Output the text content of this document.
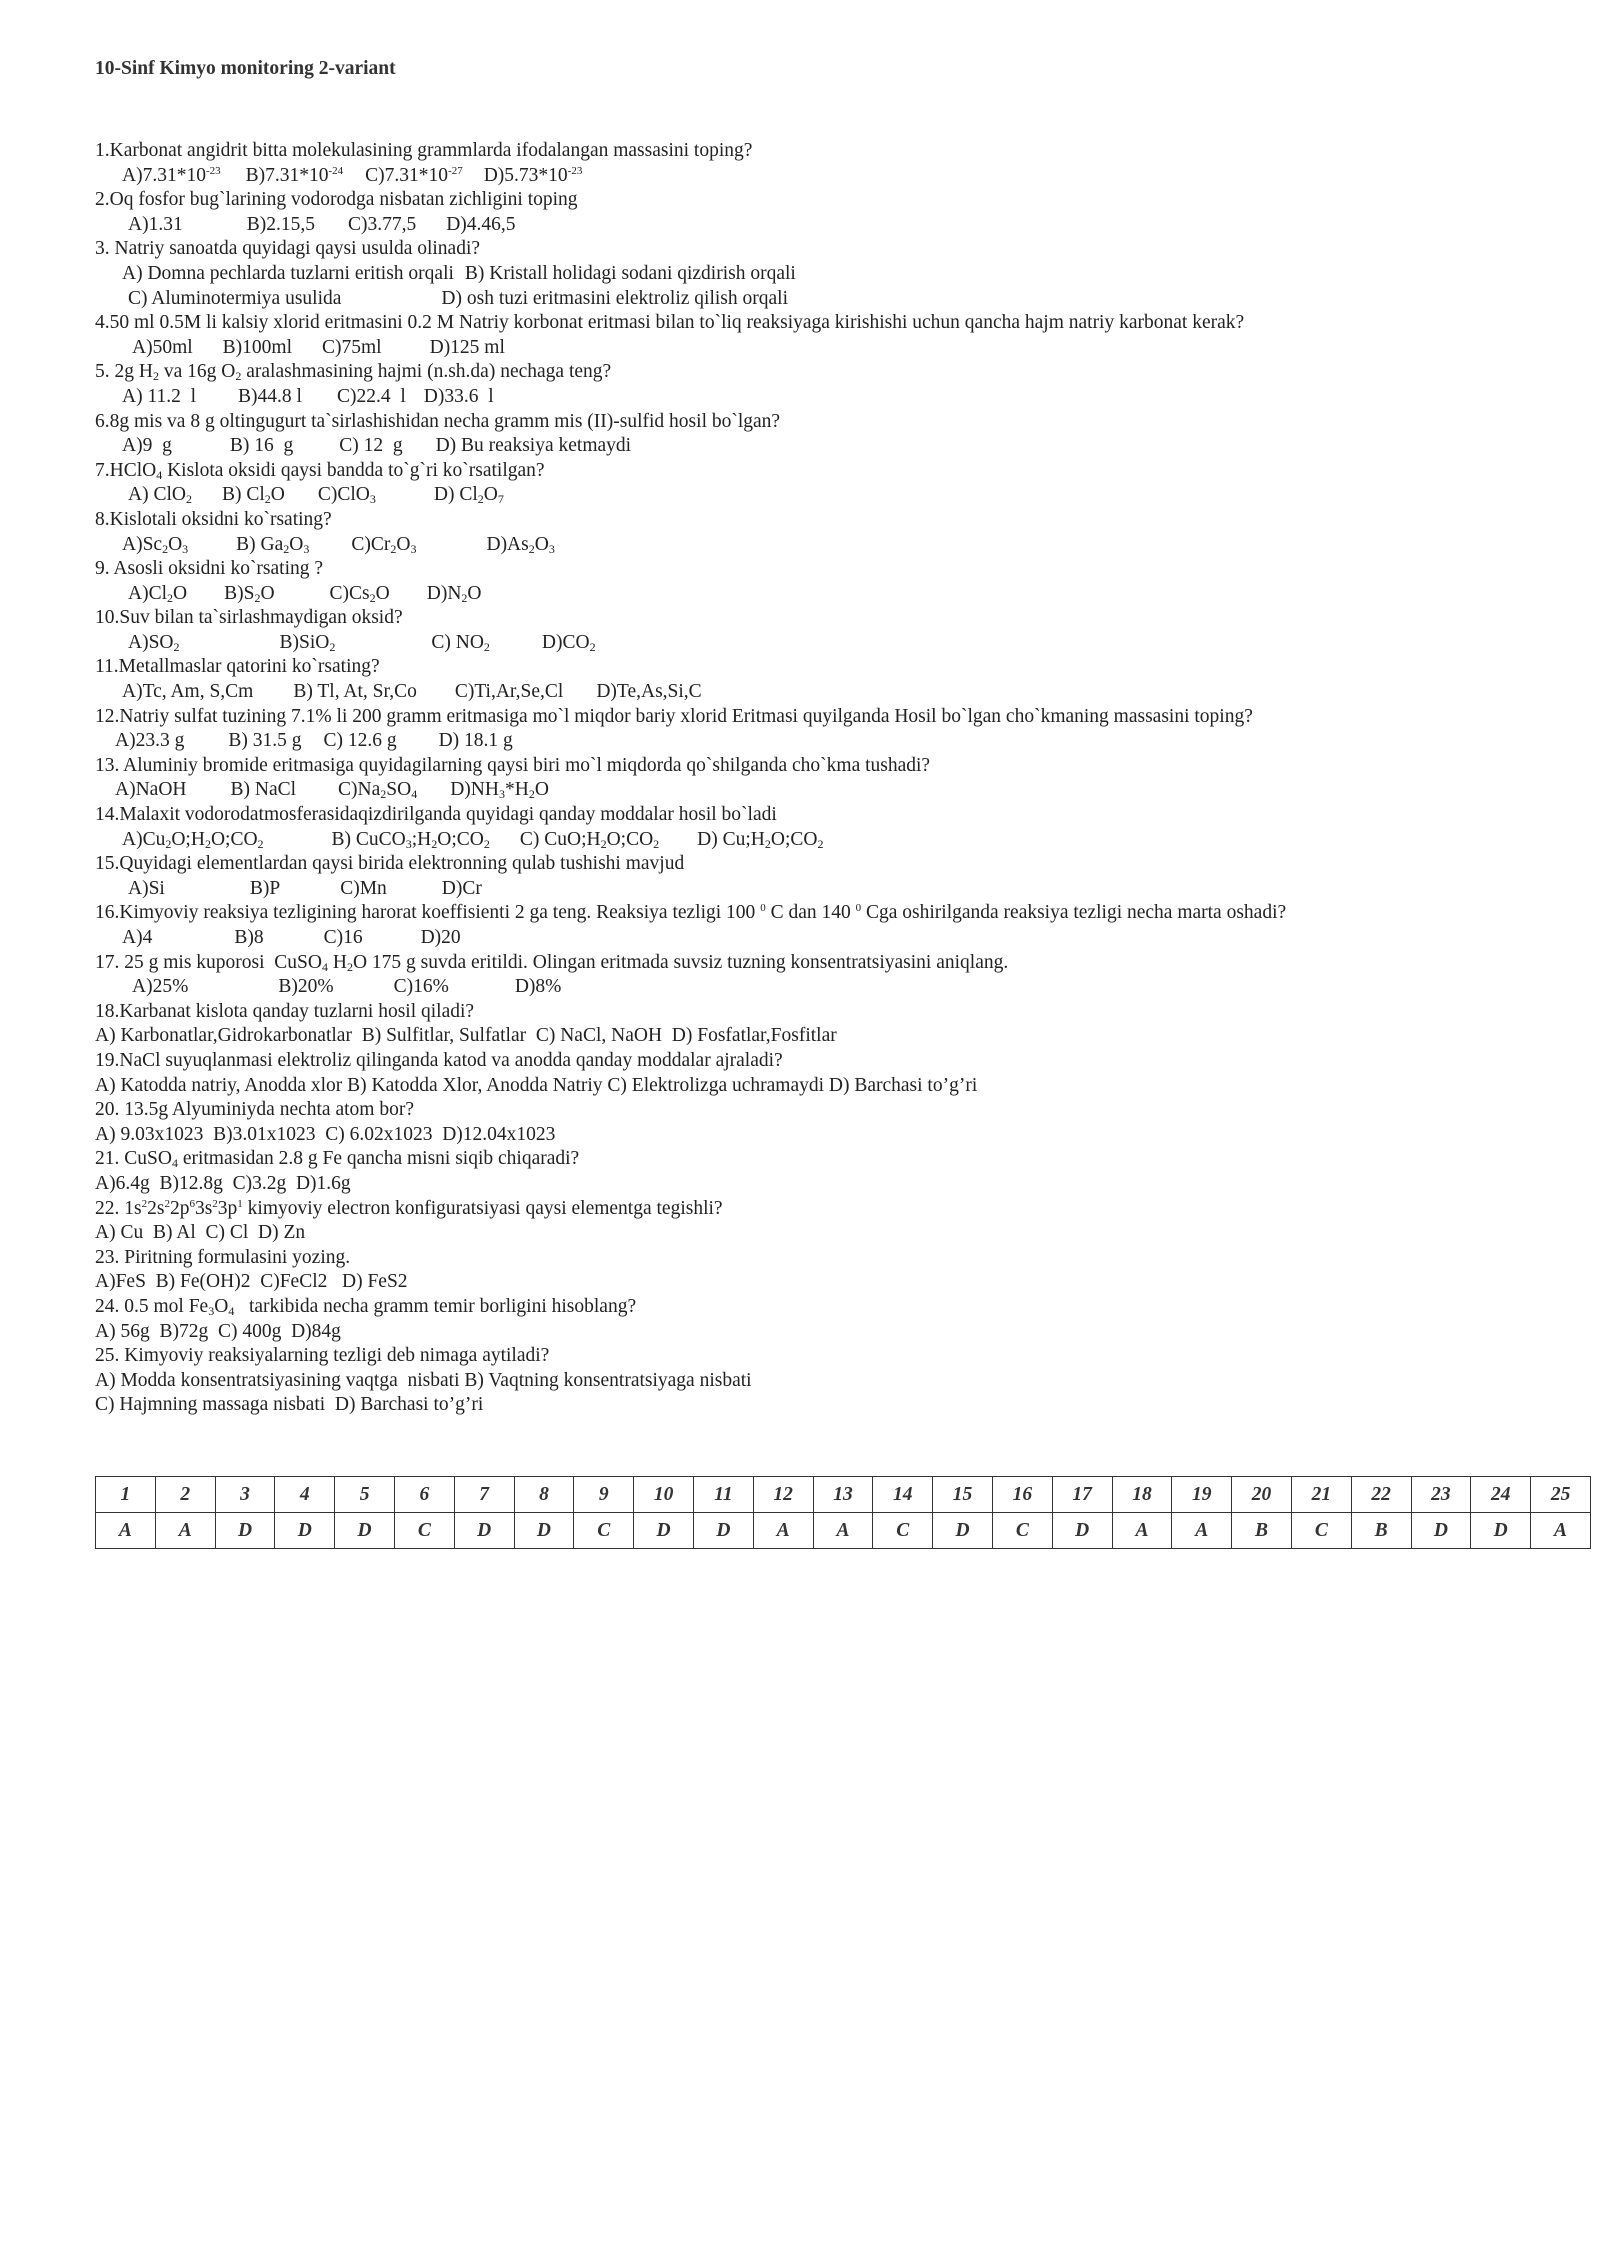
10-Sinf Kimyo monitoring 2-variant
1.Karbonat angidrit bitta molekulasining grammlarda ifodalangan massasini toping?
$A)7.31*10^{-23}$ $B)7.31*10^{-24}$ $C)7.31*10^{-27}$ $D)5.73*10^{-23}$
2.Oq fosfor bug`larining vodorodga nisbatan zichligini toping
A)1.31	B)2.15,5 C)3.77,5 D)4.46,5
3. Natriy sanoatda quyidagi qaysi usulda olinadi?
A) Domna pechlarda tuzlarni eritish orqali B) Kristall holidagi sodani qizdirish orqali
C) Aluminotermiya usulida	D) osh tuzi eritmasini elektroliz qilish orqali
4.50 ml 0.5M li kalsiy xlorid eritmasini 0.2 M Natriy korbonat eritmasi bilan to`liq reaksiyaga kirishishi uchun qancha hajm natriy karbonat kerak?
A)50ml B)100ml C)75ml D)125 ml
5. 2g $H_2$ va 16g $O_2$ aralashmasining hajmi (n.sh.da) nechaga teng?
A) 11.2  l B)44.8 l C)22.4  l D)33.6  l
6.8g mis va 8 g oltingugurt ta`sirlashishidan necha gramm mis (II)-sulfid hosil bo`lgan?
A)9  g	B) 16  g C) 12  g D) Bu reaksiya ketmaydi
7.HClO$_4$ Kislota oksidi qaysi bandda to`g`ri ko`rsatilgan?
A) ClO$_2$ B) $Cl_2O$ C)ClO$_3$	D) $Cl_2O_7$
8.Kislotali oksidni ko`rsating?
$A)Sc_2O_3$ B) $Ga_2O_3$ $C)Cr_2O_3$	$D)As_2O_3$
9. Asosli oksidni ko`rsating ?
$A)Cl_2O$ $B)S_2O$	$C)Cs_2O$ $D)N_2O$
10.Suv bilan ta`sirlashmaydigan oksid?
$A)SO_2$	B)SiO$_2$	C) $NO_2$	$D)CO_2$
11.Metallmaslar qatorini ko`rsating?
A)Tc, Am, S,Cm B) Tl, At, Sr,Co C)Ti,Ar,Se,Cl D)Te,As,Si,C
12.Natriy sulfat tuzining 7.1% li 200 gramm eritmasiga mo`l miqdor bariy xlorid Eritmasi quyilganda Hosil bo`lgan cho`kmaning massasini toping?
A)23.3 g B) 31.5 g C) 12.6 g D) 18.1 g
13. Aluminiy bromide eritmasiga quyidagilarning qaysi biri mo`l miqdorda qo`shilganda cho`kma tushadi?
A)NaOH B) NaCl $C)Na_2SO_4$ $D)NH_3*H_2O$
14.Malaxit vodorodatmosferasidaqizdirilganda quyidagi qanday moddalar hosil bo`ladi
$A)Cu_2O;H_2O;CO_2$	B) $CuCO_3;H_2O;CO_2$ C) $CuO;H_2O;CO_2$ D) $Cu;H_2O;CO_2$
15.Quyidagi elementlardan qaysi birida elektronning qulab tushishi mavjud
A)Si	B)P	C)Mn	D)Cr
16.Kimyoviy reaksiya tezligining harorat koeffisienti 2 ga teng. Reaksiya tezligi 100 $^0$ C dan 140 $^0$ Cga oshirilganda reaksiya tezligi necha marta oshadi?
A)4	B)8	C)16	D)20
17. 25 g mis kuporosi  CuSO$_4$ $H_2O$ 175 g suvda eritildi. Olingan eritmada suvsiz tuzning konsentratsiyasini aniqlang.
A)25%	B)20%	C)16%	D)8%
18.Karbanat kislota qanday tuzlarni hosil qiladi?
A) Karbonatlar,Gidrokarbonatlar  B) Sulfitlar, Sulfatlar  C) NaCl, NaOH  D) Fosfatlar,Fosfitlar
19.NaCl suyuqlanmasi elektroliz qilinganda katod va anodda qanday moddalar ajraladi?
A) Katodda natriy, Anodda xlor B) Katodda Xlor, Anodda Natriy C) Elektrolizga uchramaydi D) Barchasi to’g’ri
20. 13.5g Alyuminiyda nechta atom bor?
A) 9.03x1023  B)3.01x1023  C) 6.02x1023  D)12.04x1023
21. CuSO$_4$ eritmasidan 2.8 g Fe qancha misni siqib chiqaradi?
A)6.4g  B)12.8g  C)3.2g  D)1.6g
22. $1s^22s^22p^63s^23p^1$ kimyoviy electron konfiguratsiyasi qaysi elementga tegishli?
A) Cu  B) Al  C) Cl  D) Zn
23. Piritning formulasini yozing.
A)FeS  B) Fe(OH)2  C)FeCl2   D) FeS2
24. 0.5 mol $Fe_3O_4$   tarkibida necha gramm temir borligini hisoblang?
A) 56g  B)72g  C) 400g  D)84g
25. Kimyoviy reaksiyalarning tezligi deb nimaga aytiladi?
A) Modda konsentratsiyasining vaqtga  nisbati B) Vaqtning konsentratsiyaga nisbati
C) Hajmning massaga nisbati  D) Barchasi to’g’ri
1	2	3	4	5	6	7	8	9	10	11	12	13	14	15	16	17	18	19	20	21	22	23	24	25
A	A	D	D	D	C	D	D	C	D	D	A	A	C	D	C	D	A	A	B	C	B	D	D	A
